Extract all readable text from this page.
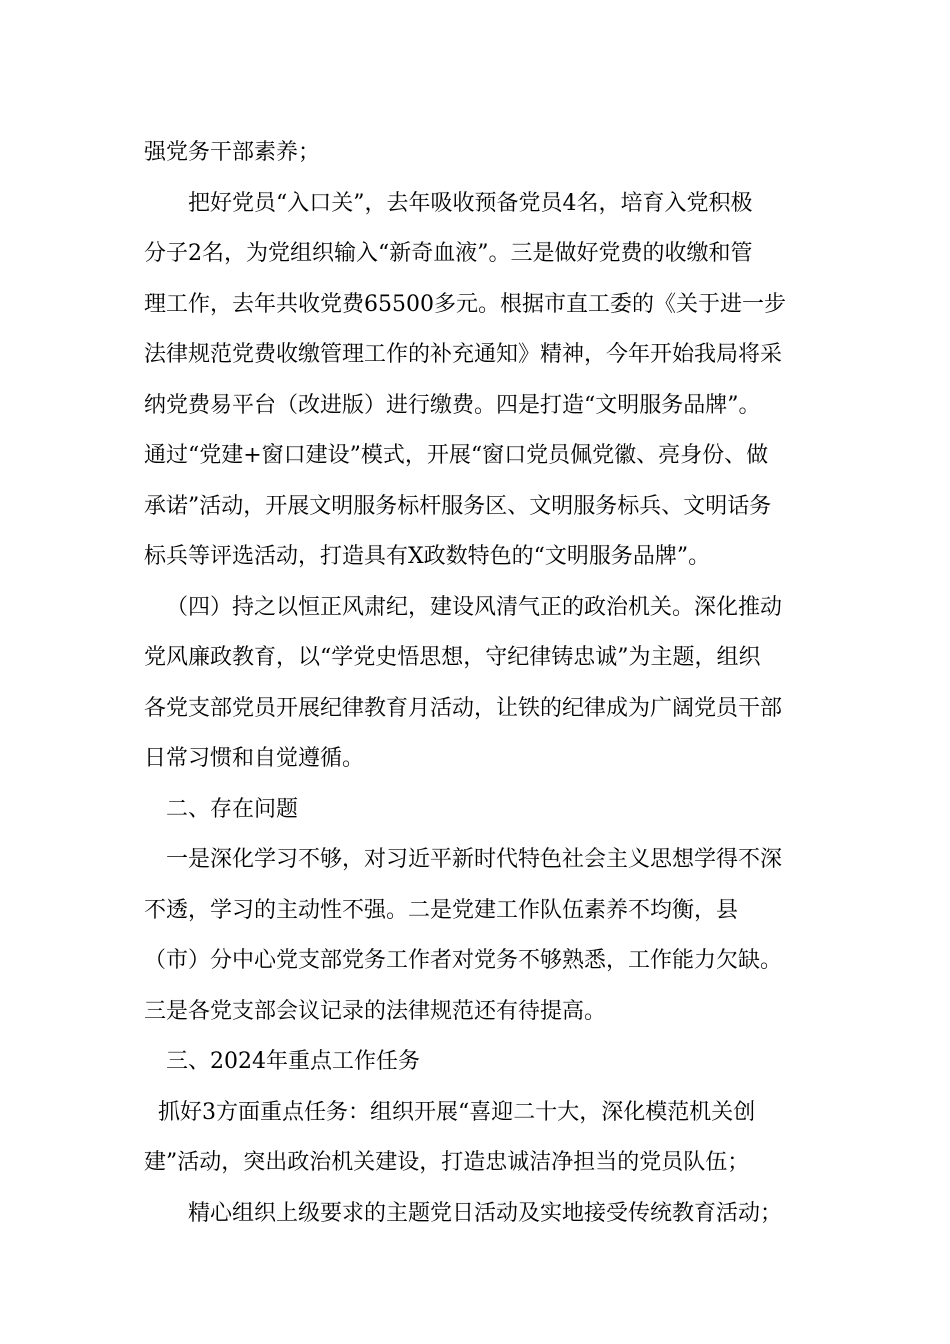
强党务干部素养；
把好党员“入口关”，去年吸收预备党员4名，培育入党积极
分子2名，为党组织输入“新奇血液”。三是做好党费的收缴和管
理工作，去年共收党费65500多元。根据市直工委的《关于进一步
法律规范党费收缴管理工作的补充通知》精神，今年开始我局将采
纳党费易平台（改进版）进行缴费。四是打造“文明服务品牌”。
通过“党建+窗口建设”模式，开展“窗口党员佩党徽、亮身份、做
承诺”活动，开展文明服务标杆服务区、文明服务标兵、文明话务
标兵等评选活动，打造具有X政数特色的“文明服务品牌”。
（四）持之以恒正风肃纪，建设风清气正的政治机关。深化推动
党风廉政教育，以“学党史悟思想，守纪律铸忠诚”为主题，组织
各党支部党员开展纪律教育月活动，让铁的纪律成为广阔党员干部
日常习惯和自觉遵循。
二、存在问题
一是深化学习不够，对习近平新时代特色社会主义思想学得不深
不透，学习的主动性不强。二是党建工作队伍素养不均衡，县
（市）分中心党支部党务工作者对党务不够熟悉，工作能力欠缺。
三是各党支部会议记录的法律规范还有待提高。
三、2024年重点工作任务
抓好3方面重点任务：组织开展“喜迎二十大，深化模范机关创
建”活动，突出政治机关建设，打造忠诚洁净担当的党员队伍；
精心组织上级要求的主题党日活动及实地接受传统教育活动；
